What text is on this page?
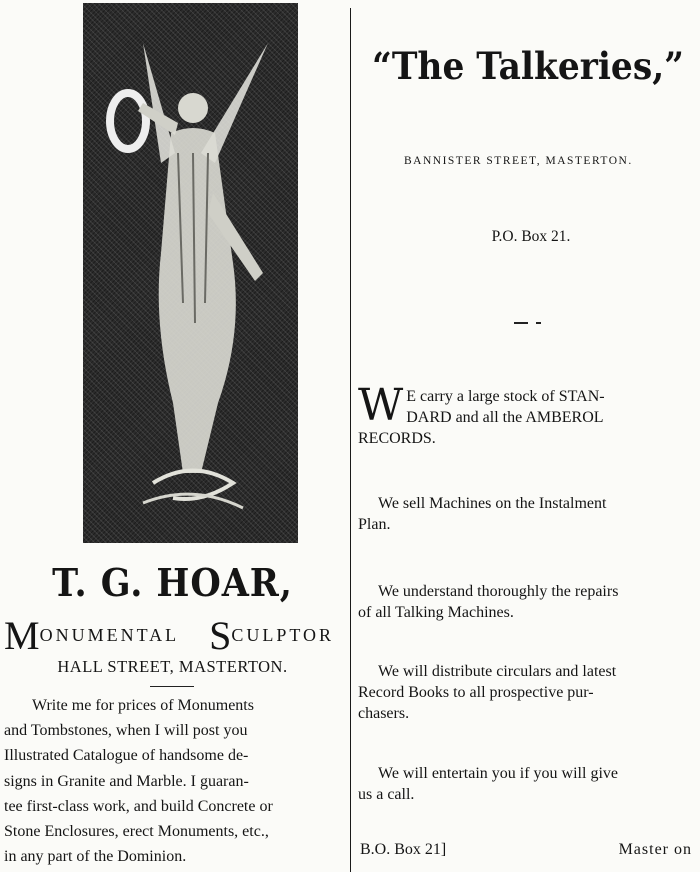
T. G. HOAR,
MONUMENTAL SCULPTOR
HALL STREET, MASTERTON.
Write me for prices of Monuments
and Tombstones, when I will post you
Illustrated Catalogue of handsome de-
signs in Granite and Marble. I guaran-
tee first-class work, and build Concrete or
Stone Enclosures, erect Monuments, etc.,
in any part of the Dominion.
“The Talkeries,”
BANNISTER STREET, MASTERTON.
P.O. Box 21.
W E carry a large stock of STAN-
DARD and all the AMBEROL
RECORDS.
We sell Machines on the Instalment
Plan.
We understand thoroughly the repairs
of all Talking Machines.
We will distribute circulars and latest
Record Books to all prospective pur-
chasers.
We will entertain you if you will give
us a call.
B.O. Box 21]	Master on
